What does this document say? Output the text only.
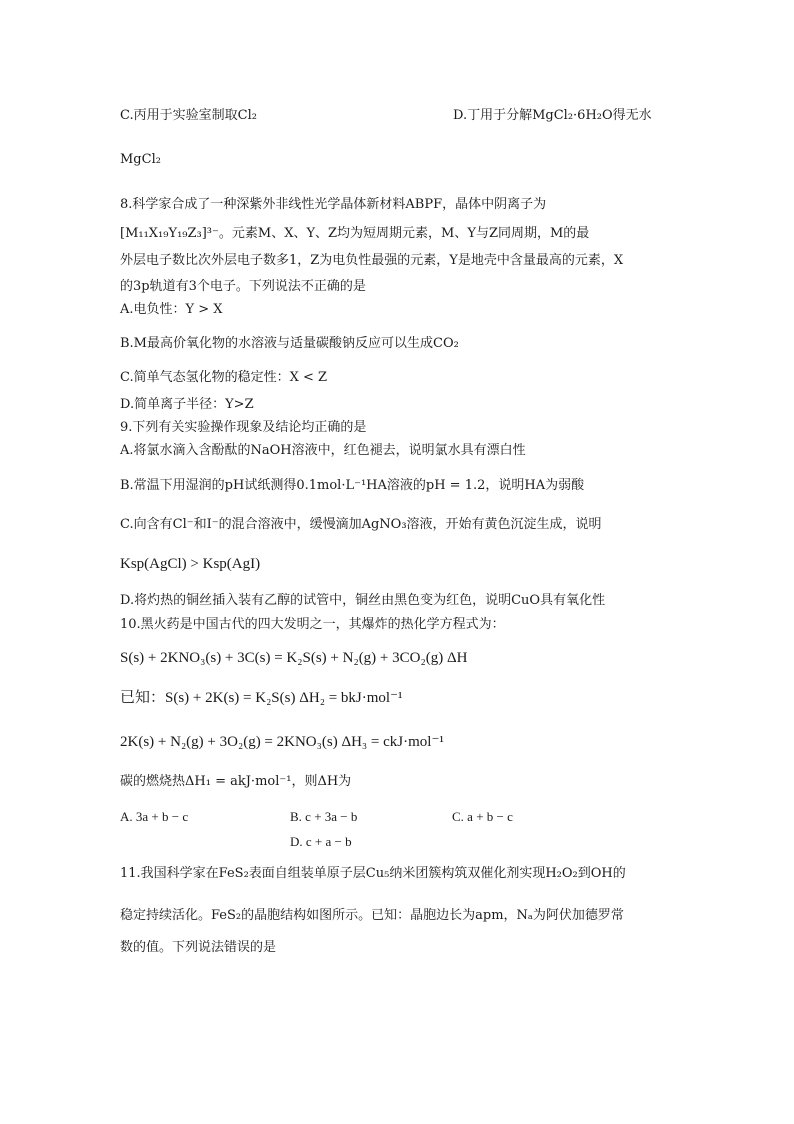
C.丙用于实验室制取Cl₂	D.丁用于分解MgCl₂·6H₂O得无水
MgCl₂
8.科学家合成了一种深紫外非线性光学晶体新材料ABPF，晶体中阴离子为
[M₁₁X₁₉Y₁₉Z₃]³⁻。元素M、X、Y、Z均为短周期元素，M、Y与Z同周期，M的最
外层电子数比次外层电子数多1，Z为电负性最强的元素，Y是地壳中含量最高的元素，X
的3p轨道有3个电子。下列说法不正确的是
A.电负性：Y > X
B.M最高价氧化物的水溶液与适量碳酸钠反应可以生成CO₂
C.简单气态氢化物的稳定性：X < Z
D.简单离子半径：Y>Z
9.下列有关实验操作现象及结论均正确的是
A.将氯水滴入含酚酞的NaOH溶液中，红色褪去，说明氯水具有漂白性
B.常温下用湿润的pH试纸测得0.1mol·L⁻¹HA溶液的pH = 1.2，说明HA为弱酸
C.向含有Cl⁻和I⁻的混合溶液中，缓慢滴加AgNO₃溶液，开始有黄色沉淀生成，说明
Ksp(AgCl) > Ksp(AgI)
D.将灼热的铜丝插入装有乙醇的试管中，铜丝由黑色变为红色，说明CuO具有氧化性
10.黑火药是中国古代的四大发明之一，其爆炸的热化学方程式为：
S(s) + 2KNO₃(s) + 3C(s) = K₂S(s) + N₂(g) + 3CO₂(g) ΔH
已知：S(s) + 2K(s) = K₂S(s) ΔH₂ = bkJ·mol⁻¹
2K(s) + N₂(g) + 3O₂(g) = 2KNO₃(s) ΔH₃ = ckJ·mol⁻¹
碳的燃烧热ΔH₁ = akJ·mol⁻¹，则ΔH为
A. 3a + b − c	B. c + 3a − b	C. a + b − c
D. c + a − b
11.我国科学家在FeS₂表面自组装单原子层Cu₅纳米团簇构筑双催化剂实现H₂O₂到OH的
稳定持续活化。FeS₂的晶胞结构如图所示。已知：晶胞边长为apm，Nₐ为阿伏加德罗常
数的值。下列说法错误的是
